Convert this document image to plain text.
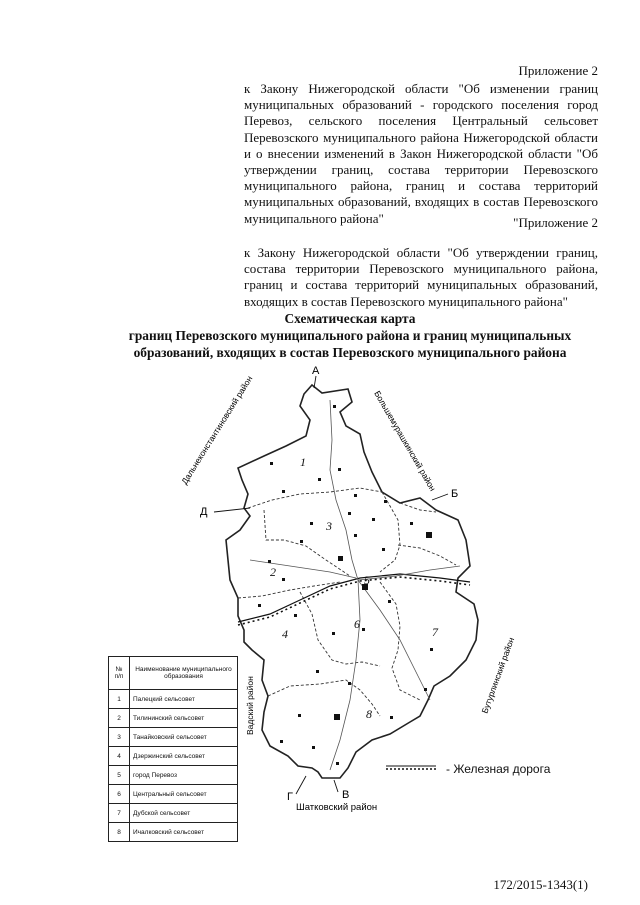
Приложение 2

к Закону Нижегородской области "Об изменении границ муниципальных образований - городского поселения город Перевоз, сельского поселения Центральный сельсовет Перевозского муниципального района Нижегородской области и о внесении изменений в Закон Нижегородской области "Об утверждении границ, состава территории Перевозского муниципального района, границ и состава территорий муниципальных образований, входящих в состав Перевозского муниципального района"	"Приложение 2

к Закону Нижегородской области "Об утверждении границ, состава территории Перевозского муниципального района, границ и состава территорий муниципальных образований, входящих в состав Перевозского муниципального района"

Схематическая карта
границ Перевозского муниципального района и границ муниципальных
образований, входящих в состав Перевозского муниципального района
А
Б
Д
Г	В
Дальнеконстантиновский район	Большемурашкинский район
Бутурлинский район
Вадский район
Шатковский район
1
2
3
4
5
6
7
8
№ п/п	Наименование муниципального образования
1	Палецкий сельсовет
2	Тилининский сельсовет
3	Танайковский сельсовет
4	Дзержинский сельсовет
5	город Перевоз
6	Центральный сельсовет
7	Дубской сельсовет
8	Ичалковский сельсовет
- Железная дорога
172/2015-1343(1)
